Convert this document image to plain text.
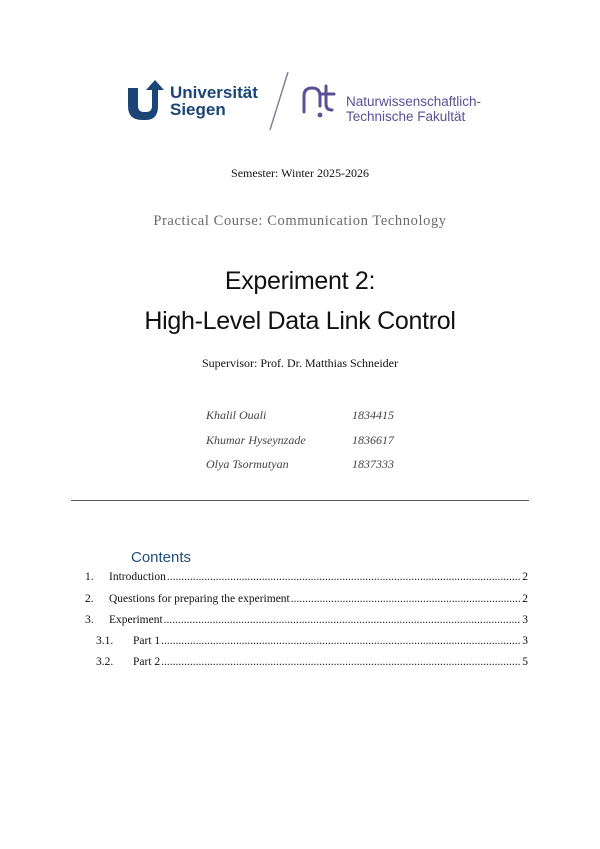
Universität
Siegen	Naturwissenschaftlich-
Technische Fakultät
Semester: Winter 2025-2026
Practical Course: Communication Technology
Experiment 2:
High-Level Data Link Control
Supervisor: Prof. Dr. Matthias Schneider
Khalil Ouali	1834415
Khumar Hyseynzade	1836617
Olya Tsormutyan	1837333
Contents
1.	Introduction .....	2
2.	Questions for preparing the experiment .....	2
3.	Experiment .....	3
3.1.	Part 1 .....	3
3.2.	Part 2 .....	5
